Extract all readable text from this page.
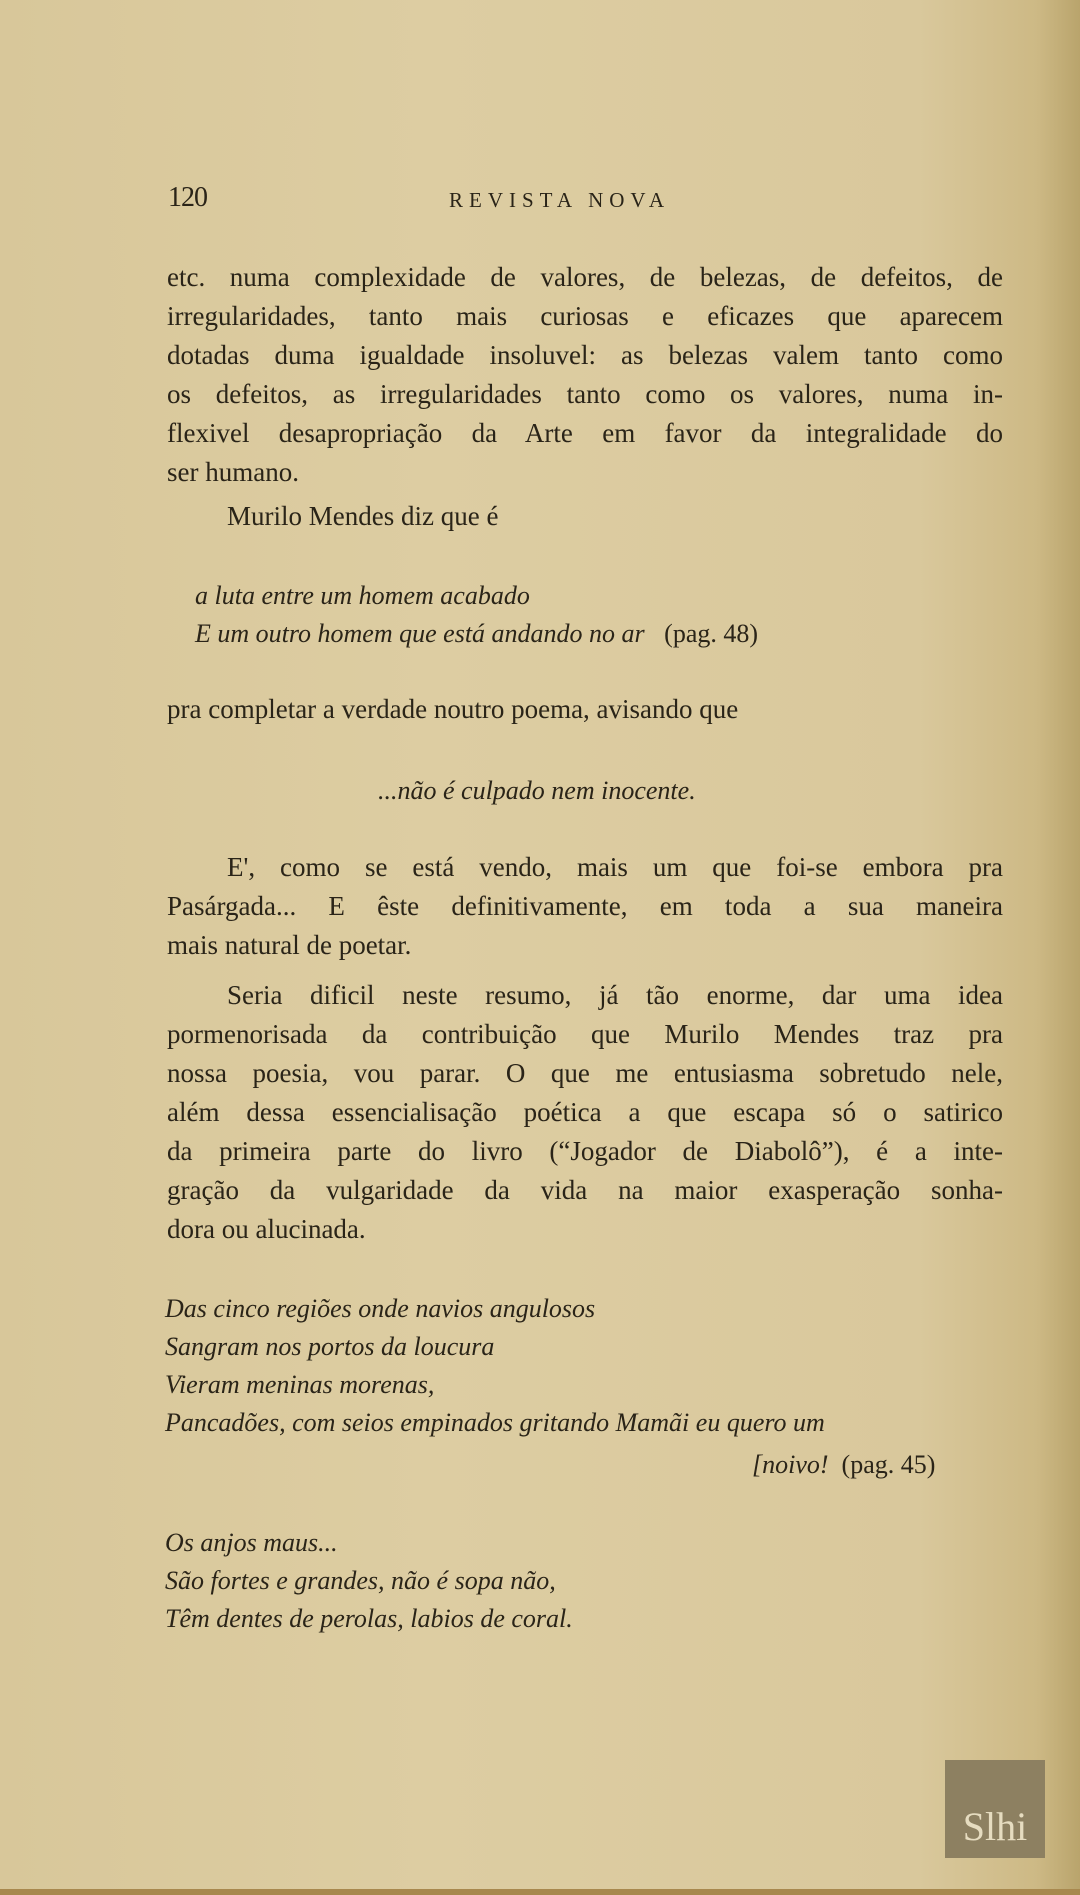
120	REVISTA NOVA
etc. numa complexidade de valores, de belezas, de defeitos, de
irregularidades, tanto mais curiosas e eficazes que aparecem
dotadas duma igualdade insoluvel: as belezas valem tanto como
os defeitos, as irregularidades tanto como os valores, numa in-
flexivel desapropriação da Arte em favor da integralidade do
ser humano.
Murilo Mendes diz que é
a luta entre um homem acabado
E um outro homem que está andando no ar (pag. 48)
pra completar a verdade noutro poema, avisando que
...não é culpado nem inocente.
E', como se está vendo, mais um que foi-se embora pra
Pasárgada... E êste definitivamente, em toda a sua maneira
mais natural de poetar.
Seria dificil neste resumo, já tão enorme, dar uma idea
pormenorisada da contribuição que Murilo Mendes traz pra
nossa poesia, vou parar. O que me entusiasma sobretudo nele,
além dessa essencialisação poética a que escapa só o satirico
da primeira parte do livro (“Jogador de Diabolô”), é a inte-
gração da vulgaridade da vida na maior exasperação sonha-
dora ou alucinada.
Das cinco regiões onde navios angulosos
Sangram nos portos da loucura
Vieram meninas morenas,
Pancadões, com seios empinados gritando Mamãi eu quero um
[noivo! (pag. 45)
Os anjos maus...
São fortes e grandes, não é sopa não,
Têm dentes de perolas, labios de coral.
Slhi
